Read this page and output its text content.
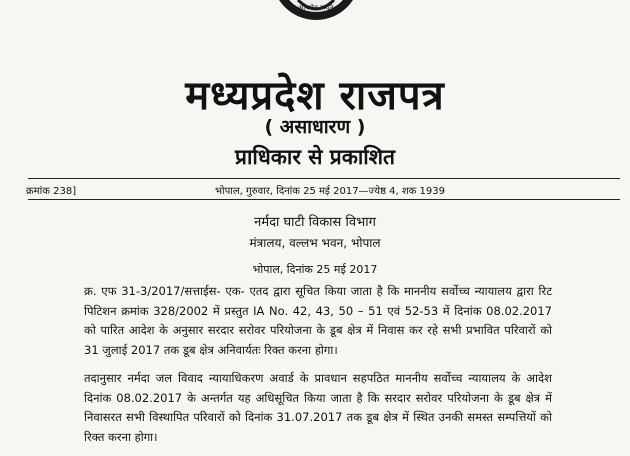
सत्यमेव जयते
मध्यप्रदेश राजपत्र
( असाधारण )
प्राधिकार से प्रकाशित
क्रमांक 238]	भोपाल, गुरुवार, दिनांक 25 मई 2017—ज्येष्ठ 4, शक 1939
नर्मदा घाटी विकास विभाग
मंत्रालय, वल्लभ भवन, भोपाल
भोपाल, दिनांक 25 मई 2017
क्र. एफ 31-3/2017/सत्ताईस- एक- एतद द्वारा सूचित किया जाता है कि माननीय सर्वोच्च न्यायालय द्वारा रिट पिटिशन क्रमांक 328/2002 में प्रस्तुत IA No. 42, 43, 50 – 51 एवं 52-53 में दिनांक 08.02.2017 को पारित आदेश के अनुसार सरदार सरोवर परियोजना के डूब क्षेत्र में निवास कर रहे सभी प्रभावित परिवारों को 31 जुलाई 2017 तक डूब क्षेत्र अनिवार्यतः रिक्त करना होगा।
तदानुसार नर्मदा जल विवाद न्यायाधिकरण अवार्ड के प्रावधान सहपठित माननीय सर्वोच्च न्यायालय के आदेश दिनांक 08.02.2017 के अन्तर्गत यह अधिसूचित किया जाता है कि सरदार सरोवर परियोजना के डूब क्षेत्र में निवासरत सभी विस्थापित परिवारों को दिनांक 31.07.2017 तक डूब क्षेत्र में स्थित उनकी समस्त सम्पत्तियों को रिक्त करना होगा।
